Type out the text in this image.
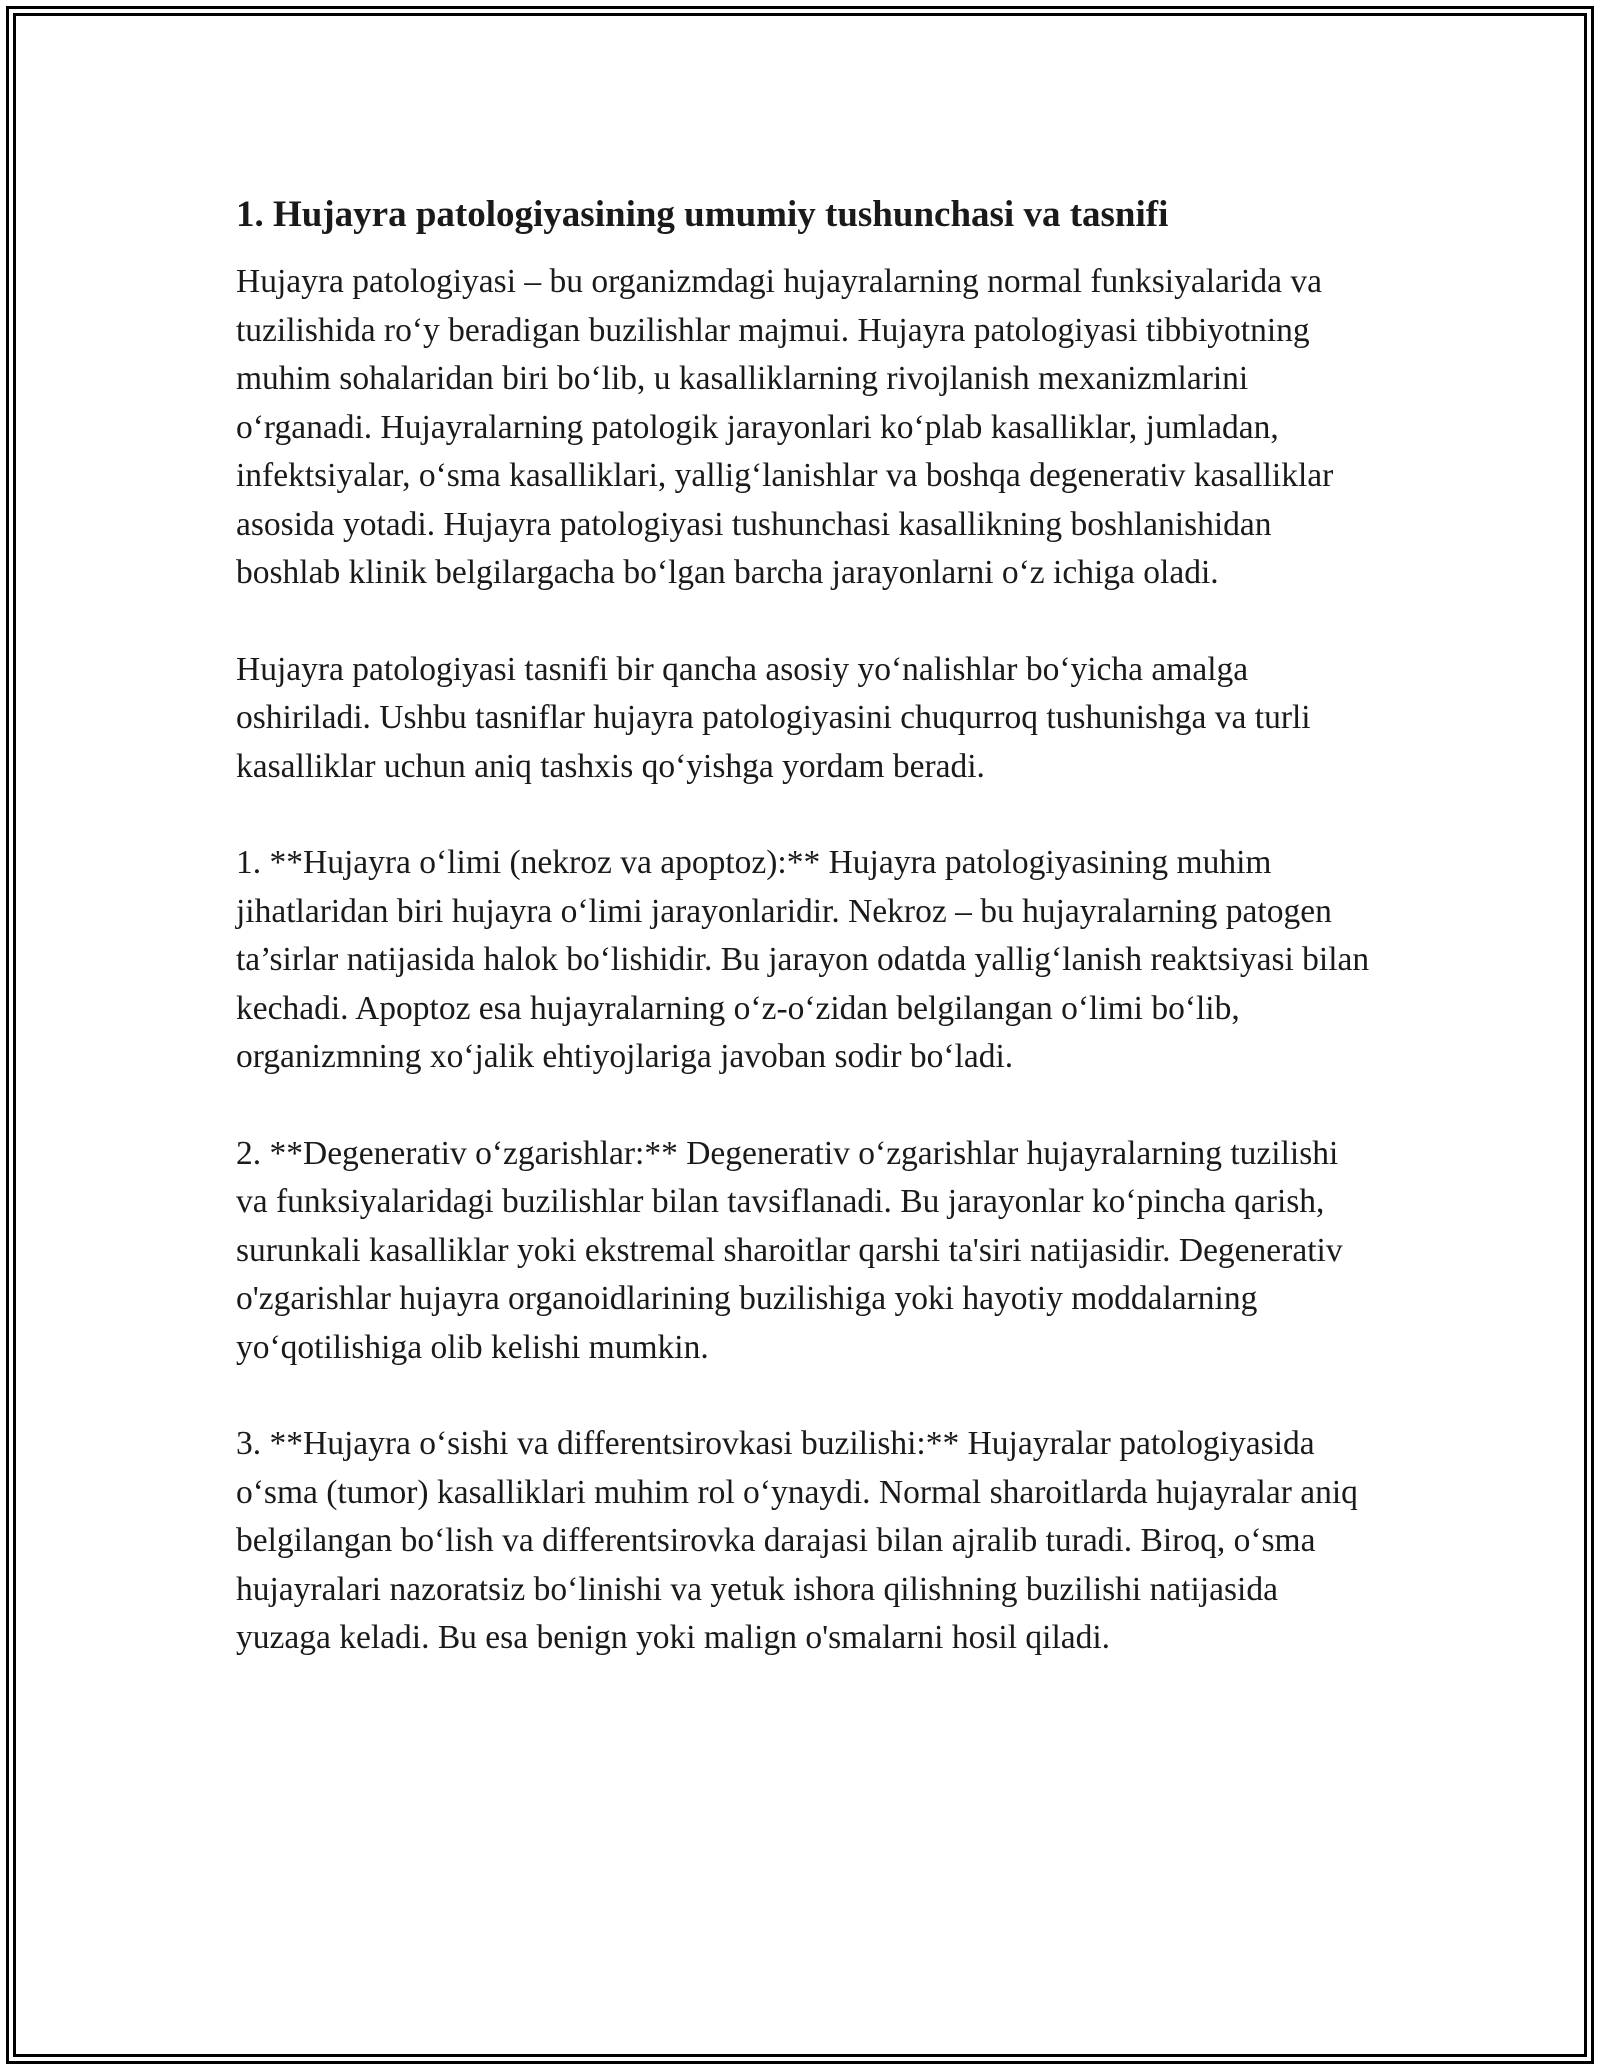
1. Hujayra patologiyasining umumiy tushunchasi va tasnifi

Hujayra patologiyasi – bu organizmdagi hujayralarning normal funksiyalarida va tuzilishida ro‘y beradigan buzilishlar majmui. Hujayra patologiyasi tibbiyotning muhim sohalaridan biri bo‘lib, u kasalliklarning rivojlanish mexanizmlarini o‘rganadi. Hujayralarning patologik jarayonlari ko‘plab kasalliklar, jumladan, infektsiyalar, o‘sma kasalliklari, yallig‘lanishlar va boshqa degenerativ kasalliklar asosida yotadi. Hujayra patologiyasi tushunchasi kasallikning boshlanishidan boshlab klinik belgilargacha bo‘lgan barcha jarayonlarni o‘z ichiga oladi.

Hujayra patologiyasi tasnifi bir qancha asosiy yo‘nalishlar bo‘yicha amalga oshiriladi. Ushbu tasniflar hujayra patologiyasini chuqurroq tushunishga va turli kasalliklar uchun aniq tashxis qo‘yishga yordam beradi.

1. **Hujayra o‘limi (nekroz va apoptoz):** Hujayra patologiyasining muhim jihatlaridan biri hujayra o‘limi jarayonlaridir. Nekroz – bu hujayralarning patogen ta’sirlar natijasida halok bo‘lishidir. Bu jarayon odatda yallig‘lanish reaktsiyasi bilan kechadi. Apoptoz esa hujayralarning o‘z-o‘zidan belgilangan o‘limi bo‘lib, organizmning xo‘jalik ehtiyojlariga javoban sodir bo‘ladi.

2. **Degenerativ o‘zgarishlar:** Degenerativ o‘zgarishlar hujayralarning tuzilishi va funksiyalaridagi buzilishlar bilan tavsiflanadi. Bu jarayonlar ko‘pincha qarish, surunkali kasalliklar yoki ekstremal sharoitlar qarshi ta'siri natijasidir. Degenerativ o'zgarishlar hujayra organoidlarining buzilishiga yoki hayotiy moddalarning yo‘qotilishiga olib kelishi mumkin.

3. **Hujayra o‘sishi va differentsirovkasi buzilishi:** Hujayralar patologiyasida o‘sma (tumor) kasalliklari muhim rol o‘ynaydi. Normal sharoitlarda hujayralar aniq belgilangan bo‘lish va differentsirovka darajasi bilan ajralib turadi. Biroq, o‘sma hujayralari nazoratsiz bo‘linishi va yetuk ishora qilishning buzilishi natijasida yuzaga keladi. Bu esa benign yoki malign o'smalarni hosil qiladi.
